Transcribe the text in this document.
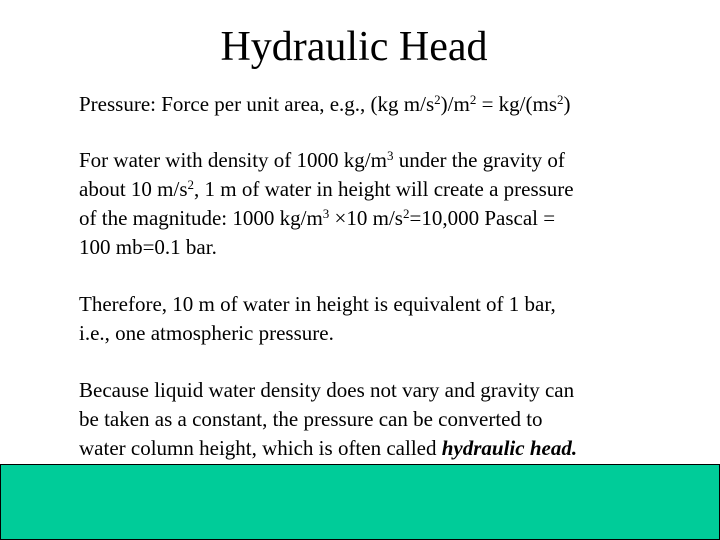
Hydraulic Head
Pressure: Force per unit area, e.g., (kg $m/s^2)/m^2 = kg/(ms^2)$
For water with density of 1000 $kg/m^3$ under the gravity of
about 10 $m/s^2$, 1 m of water in height will create a pressure
of the magnitude: 1000 $kg/m^3 \times 10$ $m/s^2=10,000$ Pascal =
100 mb=0.1 bar.
Therefore, 10 m of water in height is equivalent of 1 bar,
i.e., one atmospheric pressure.
Because liquid water density does not vary and gravity can
be taken as a constant, the pressure can be converted to
water column height, which is often called hydraulic head.
